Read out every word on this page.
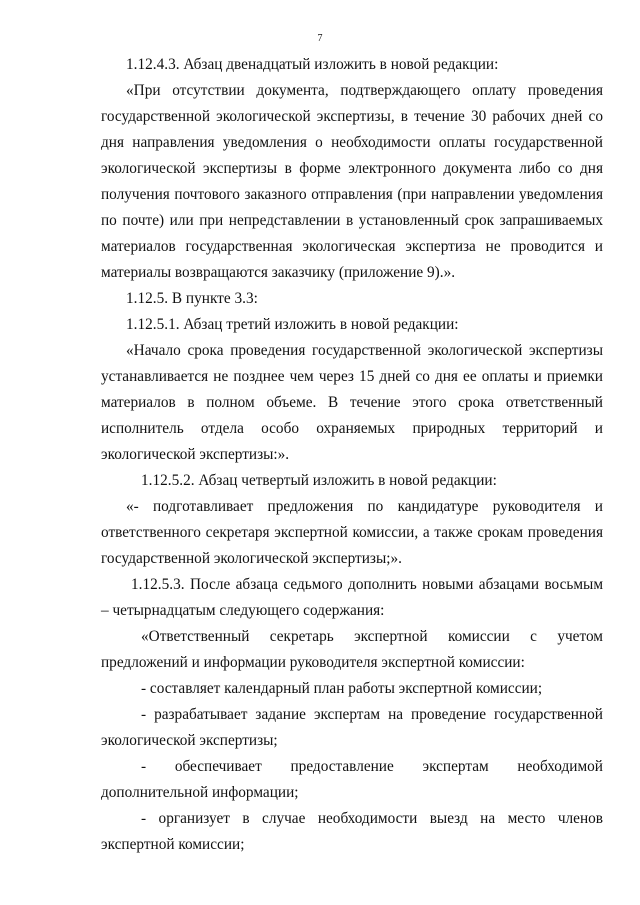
7

1.12.4.3. Абзац двенадцатый изложить в новой редакции:

«При отсутствии документа, подтверждающего оплату проведения государственной экологической экспертизы, в течение 30 рабочих дней со дня направления уведомления о необходимости оплаты государственной экологической экспертизы в форме электронного документа либо со дня получения почтового заказного отправления (при направлении уведомления по почте) или при непредставлении в установленный срок запрашиваемых материалов государственная экологическая экспертиза не проводится и материалы возвращаются заказчику (приложение 9).».

1.12.5. В пункте 3.3:

1.12.5.1. Абзац третий изложить в новой редакции:

«Начало срока проведения государственной экологической экспертизы устанавливается не позднее чем через 15 дней со дня ее оплаты и приемки материалов в полном объеме. В течение этого срока ответственный исполнитель отдела особо охраняемых природных территорий и экологической экспертизы:».

1.12.5.2. Абзац четвертый изложить в новой редакции:

«- подготавливает предложения по кандидатуре руководителя и ответственного секретаря экспертной комиссии, а также срокам проведения государственной экологической экспертизы;».

1.12.5.3. После абзаца седьмого дополнить новыми абзацами восьмым – четырнадцатым следующего содержания:

«Ответственный секретарь экспертной комиссии с учетом предложений и информации руководителя экспертной комиссии:

- составляет календарный план работы экспертной комиссии;

- разрабатывает задание экспертам на проведение государственной экологической экспертизы;

- обеспечивает предоставление экспертам необходимой дополнительной информации;

- организует в случае необходимости выезд на место членов экспертной комиссии;
